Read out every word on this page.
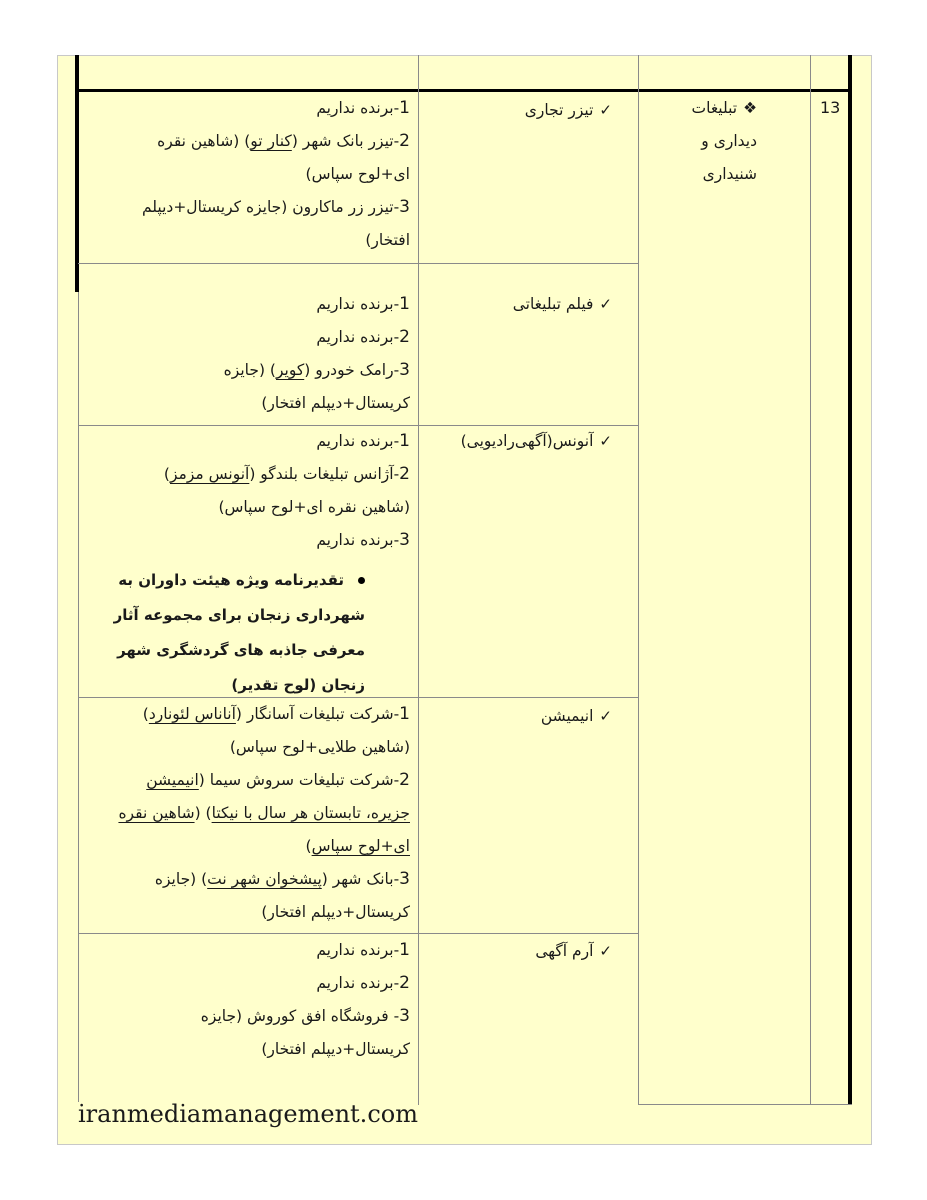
13
❖تبلیغات
دیداری و
شنیداری
✓تیزر تجاری
✓فیلم تبلیغاتی
✓آنونس(آگهی‌رادیویی)
✓انیمیشن
✓آرم آگهی
1-برنده نداریم
2-تیزر بانک شهر (کنار تو) (شاهین نقره
ای+لوح سپاس)
3-تیزر زر ماکارون (جایزه کریستال+دیپلم
افتخار)
1-برنده نداریم
2-برنده نداریم
3-رامک خودرو (کویر) (جایزه
کریستال+دیپلم افتخار)
1-برنده نداریم
2-آژانس تبلیغات بلندگو (آنونس مزمز)
(شاهین نقره ای+لوح سپاس)
3-برنده نداریم
تقدیرنامه ویژه هیئت داوران به
شهرداری زنجان برای مجموعه آثار
معرفی جاذبه های گردشگری شهر
زنجان (لوح تقدیر)
1-شرکت تبلیغات آسانگار (آناناس لئونارد)
(شاهین طلایی+لوح سپاس)
2-شرکت تبلیغات سروش سیما (انیمیشن
جزیره، تابستان هر سال با نیکتا) (شاهین نقره
ای+لوح سپاس)
3-بانک شهر (پیشخوان شهر نت) (جایزه
کریستال+دیپلم افتخار)
1-برنده نداریم
2-برنده نداریم
3- فروشگاه افق کوروش (جایزه
کریستال+دیپلم افتخار)
iranmediamanagement.com
